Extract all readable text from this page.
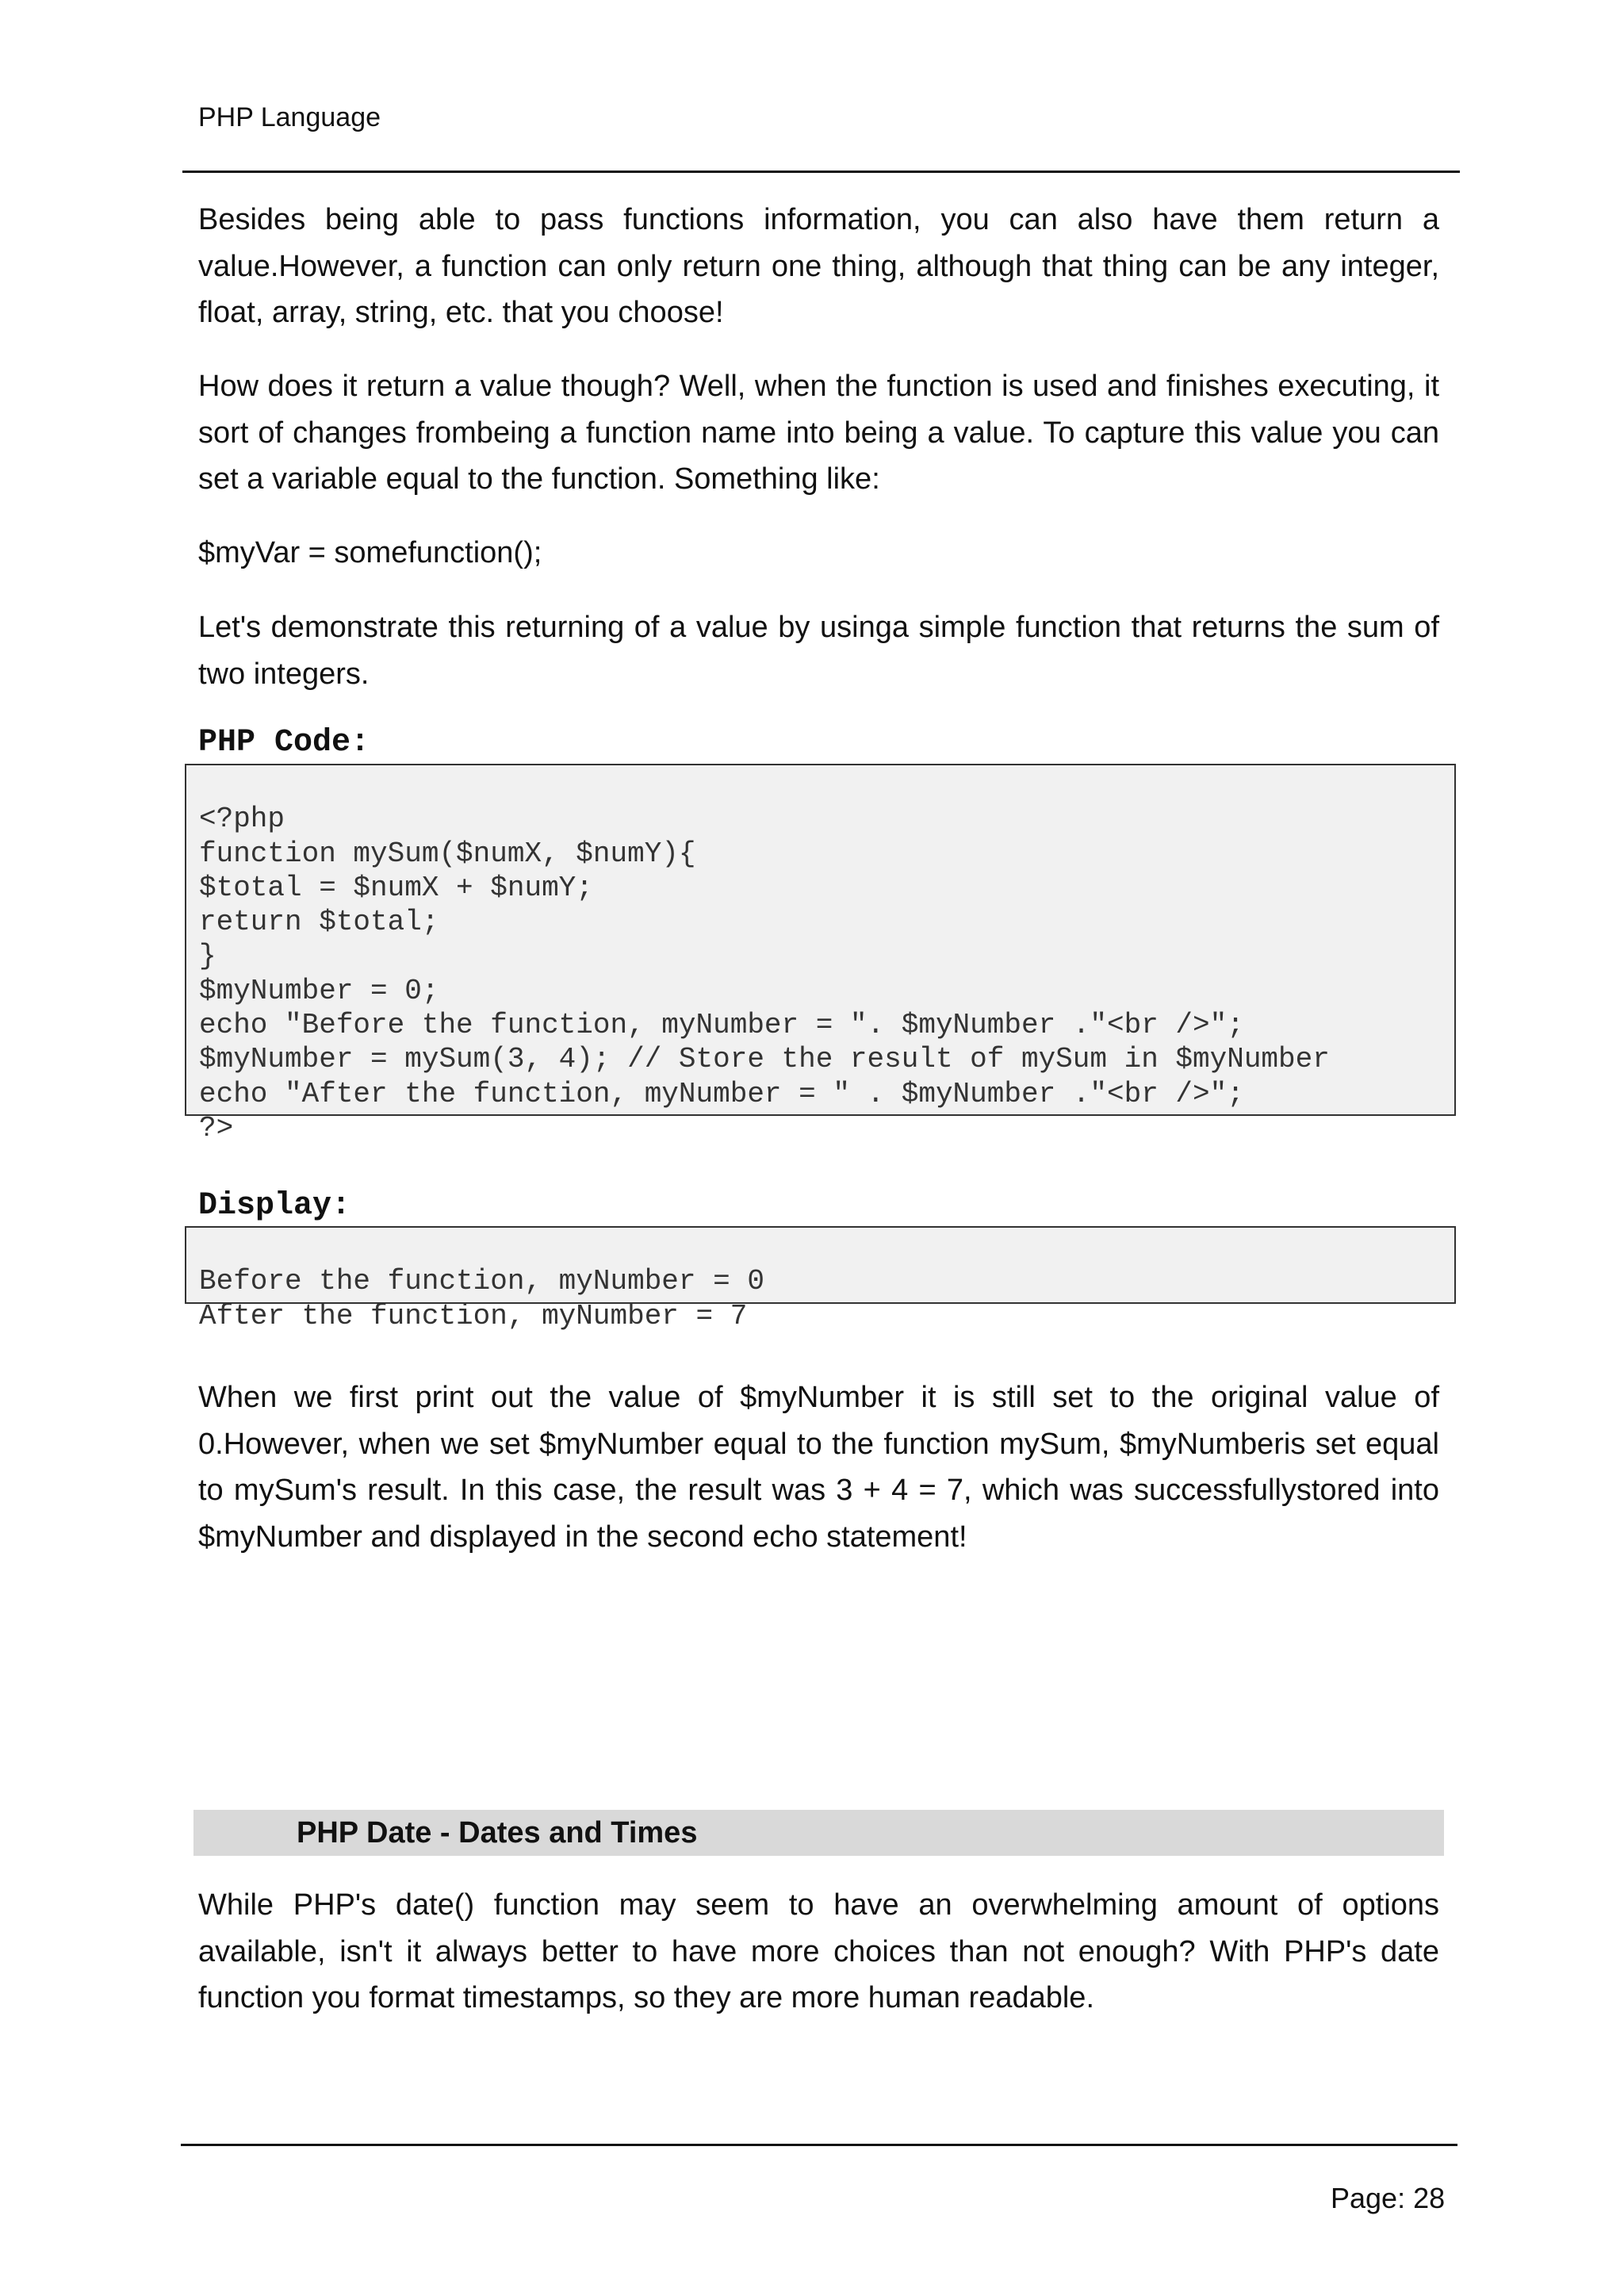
PHP Language

Besides being able to pass functions information, you can also have them return a value.However, a function can only return one thing, although that thing can be any integer, float, array, string, etc. that you choose!

How does it return a value though? Well, when the function is used and finishes executing, it sort of changes frombeing a function name into being a value. To capture this value you can set a variable equal to the function. Something like:

$myVar = somefunction();

Let's demonstrate this returning of a value by usinga simple function that returns the sum of two integers.

PHP Code:

<?php
function mySum($numX, $numY){
$total = $numX + $numY;
return $total;
}
$myNumber = 0;
echo "Before the function, myNumber = ". $myNumber ."<br />";
$myNumber = mySum(3, 4); // Store the result of mySum in $myNumber
echo "After the function, myNumber = " . $myNumber ."<br />";
?>
Display:

Before the function, myNumber = 0
After the function, myNumber = 7

When we first print out the value of $myNumber it is still set to the original value of 0.However, when we set $myNumber equal to the function mySum, $myNumberis set equal to mySum's result. In this case, the result was 3 + 4 = 7, which was successfullystored into $myNumber and displayed in the second echo statement!

PHP Date - Dates and Times

While PHP's date() function may seem to have an overwhelming amount of options available, isn't it always better to have more choices than not enough? With PHP's date function you format timestamps, so they are more human readable.

Page: 28
